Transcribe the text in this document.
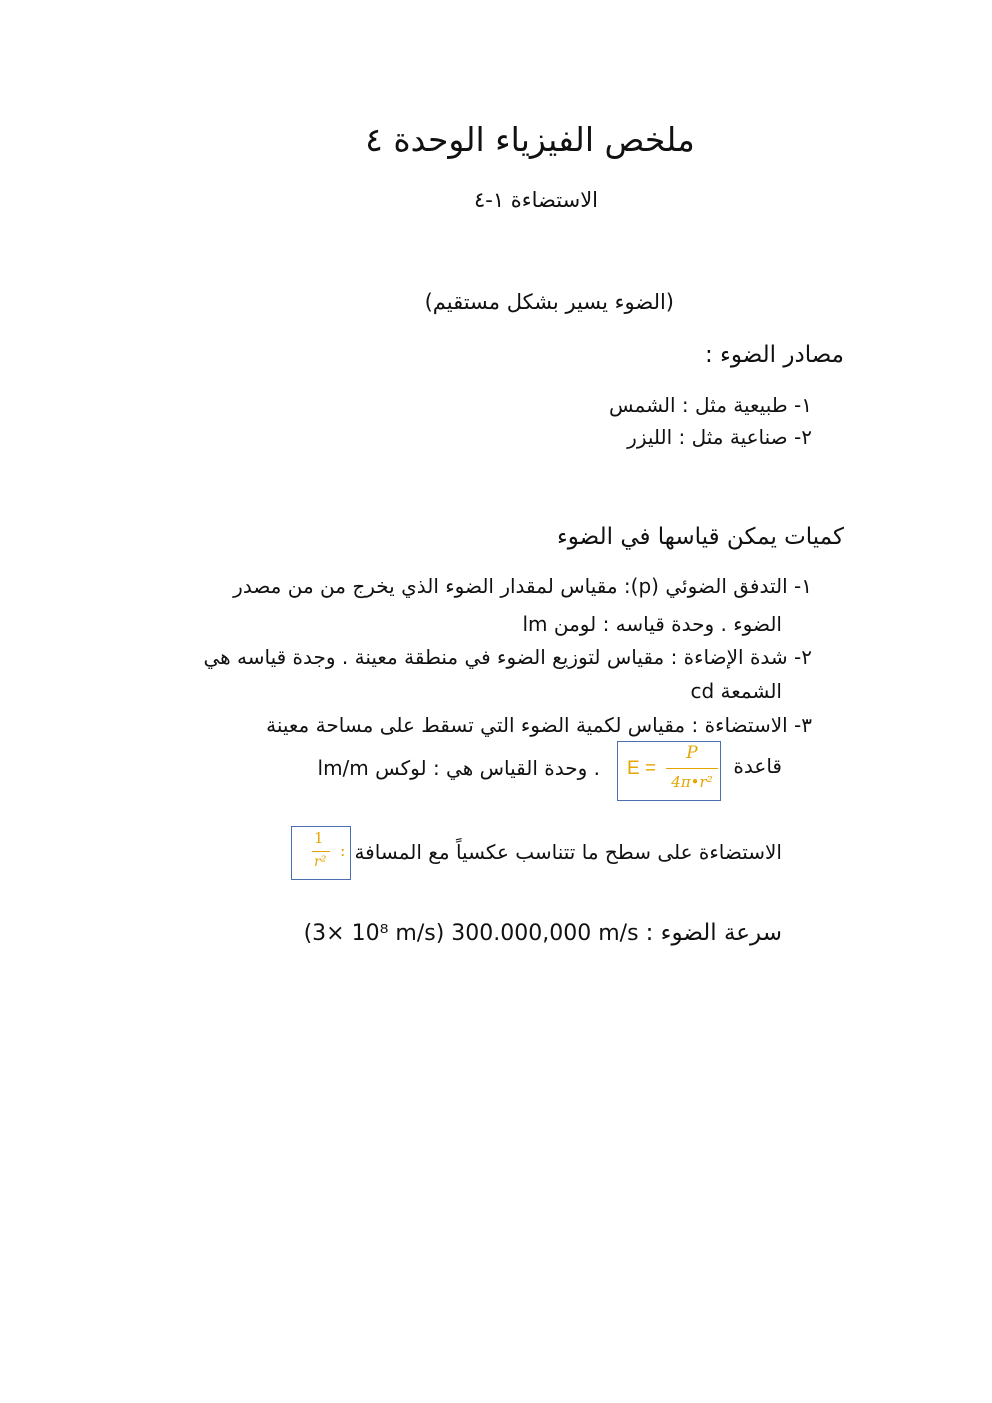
ملخص الفيزياء الوحدة ٤
الاستضاءة ١-٤
(الضوء يسير بشكل مستقيم)
مصادر الضوء :
١- طبيعية مثل : الشمس
٢- صناعية مثل : الليزر
كميات يمكن قياسها في الضوء
١- التدفق الضوئي (p): مقياس لمقدار الضوء الذي يخرج من من مصدر
الضوء . وحدة قياسه : لومن lm
٢- شدة الإضاءة : مقياس لتوزيع الضوء في منطقة معينة . وجدة قياسه هي
الشمعة cd
٣- الاستضاءة : مقياس لكمية الضوء التي تسقط على مساحة معينة
قاعدة
E =
P
4π•r²
. وحدة القياس هي : لوكس lm/m
الاستضاءة على سطح ما تتناسب عكسياً مع المسافة
1
r²
:
سرعة الضوء : 300.000,000 m/s (3× 10⁸ m/s)
